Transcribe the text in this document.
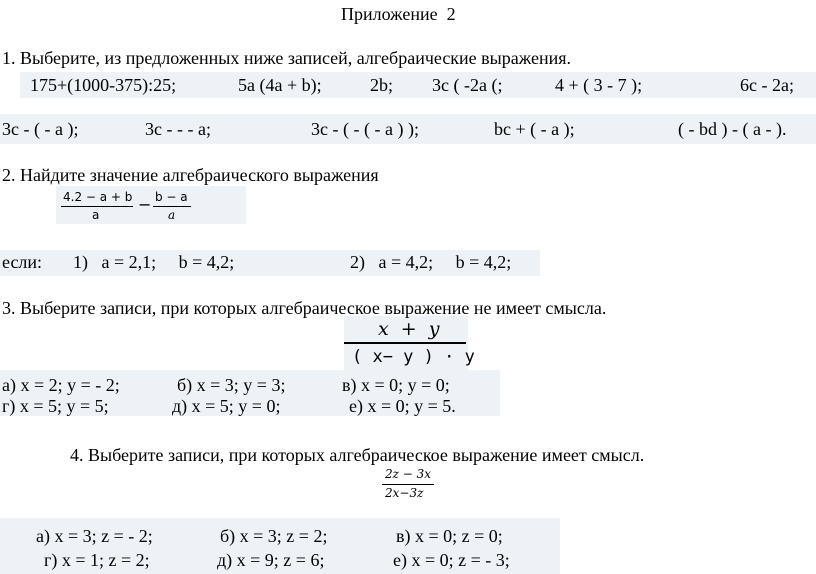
Приложение  2
1. Выберите, из предложенных ниже записей, алгебраические выражения.
175+(1000-375):25;	5a (4a + b);	2b; 3c ( -2a (;	4 + ( 3 - 7 );	6c - 2a;
3c - ( - a );	3c - - - a;	3c - ( - ( - a ) );	bc + ( - a );	( - bd ) - ( a - ).
2. Найдите значение алгебраического выражения
4.2 − a + b
a
− b − a
a
если: 1)   a = 2,1;     b = 4,2;	2)   a = 4,2;     b = 4,2;
3. Выберите записи, при которых алгебраическое выражение не имеет смысла.
x  +  y
( x− y ) · y
а) x = 2; y = - 2;	б) x = 3; y = 3;	в) x = 0; y = 0;
г) x = 5; y = 5;	д) x = 5; y = 0;	е) x = 0; y = 5.
4. Выберите записи, при которых алгебраическое выражение имеет смысл.
2z − 3x
2x−3z
а) x = 3; z = - 2;	б) x = 3; z = 2;	в) x = 0; z = 0;
г) x = 1; z = 2;	д) x = 9; z = 6;	е) x = 0; z = - 3;
